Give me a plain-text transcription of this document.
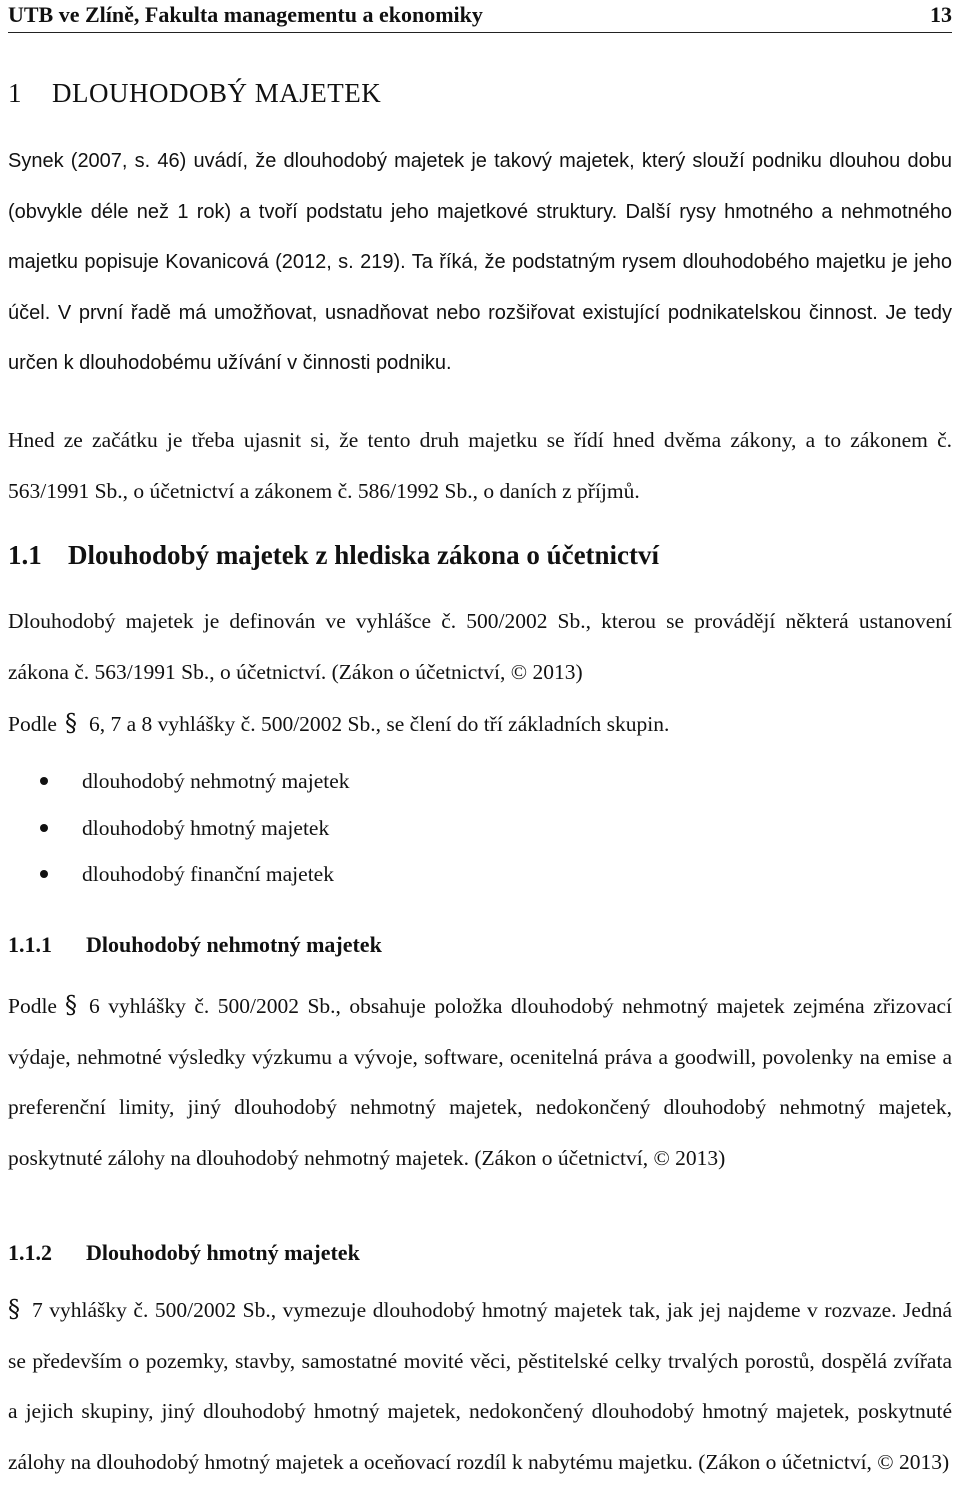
UTB ve Zlíně, Fakulta managementu a ekonomiky	13
1 DLOUHODOBÝ MAJETEK

Synek (2007, s. 46) uvádí, že dlouhodobý majetek je takový majetek, který slouží podniku dlouhou dobu (obvykle déle než 1 rok) a tvoří podstatu jeho majetkové struktury. Další rysy hmotného a nehmotného majetku popisuje Kovanicová (2012, s. 219). Ta říká, že podstatným rysem dlouhodobého majetku je jeho účel. V první řadě má umožňovat, usnadňovat nebo rozšiřovat existující podnikatelskou činnost. Je tedy určen k dlouhodobému užívání v činnosti podniku.

Hned ze začátku je třeba ujasnit si, že tento druh majetku se řídí hned dvěma zákony, a to zákonem č. 563/1991 Sb., o účetnictví a zákonem č. 586/1992 Sb., o daních z příjmů.

1.1 Dlouhodobý majetek z hlediska zákona o účetnictví

Dlouhodobý majetek je definován ve vyhlášce č. 500/2002 Sb., kterou se provádějí některá ustanovení zákona č. 563/1991 Sb., o účetnictví. (Zákon o účetnictví, © 2013)

Podle § 6, 7 a 8 vyhlášky č. 500/2002 Sb., se člení do tří základních skupin.

dlouhodobý nehmotný majetek
dlouhodobý hmotný majetek
dlouhodobý finanční majetek
1.1.1 Dlouhodobý nehmotný majetek

Podle § 6 vyhlášky č. 500/2002 Sb., obsahuje položka dlouhodobý nehmotný majetek zejména zřizovací výdaje, nehmotné výsledky výzkumu a vývoje, software, ocenitelná práva a goodwill, povolenky na emise a preferenční limity, jiný dlouhodobý nehmotný majetek, nedokončený dlouhodobý nehmotný majetek, poskytnuté zálohy na dlouhodobý nehmotný majetek. (Zákon o účetnictví, © 2013)

1.1.2 Dlouhodobý hmotný majetek

§ 7 vyhlášky č. 500/2002 Sb., vymezuje dlouhodobý hmotný majetek tak, jak jej najdeme v rozvaze. Jedná se především o pozemky, stavby, samostatné movité věci, pěstitelské celky trvalých porostů, dospělá zvířata a jejich skupiny, jiný dlouhodobý hmotný majetek, nedokončený dlouhodobý hmotný majetek, poskytnuté zálohy na dlouhodobý hmotný majetek a oceňovací rozdíl k nabytému majetku. (Zákon o účetnictví, © 2013)
